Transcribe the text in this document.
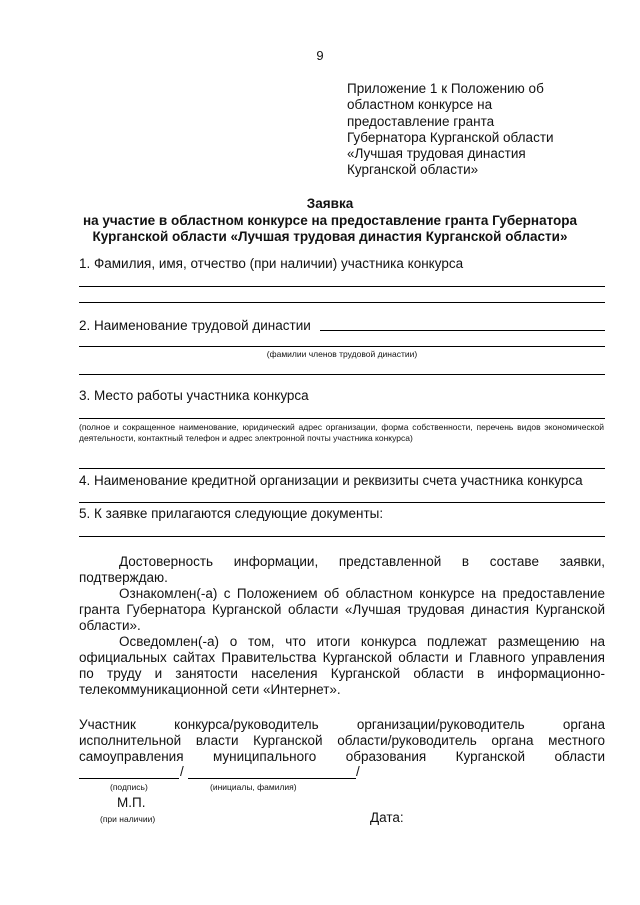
9
Приложение 1 к Положению об
областном конкурсе на
предоставление гранта
Губернатора Курганской области
«Лучшая трудовая династия
Курганской области»
Заявка
на участие в областном конкурсе на предоставление гранта Губернатора
Курганской области «Лучшая трудовая династия Курганской области»
1. Фамилия, имя, отчество (при наличии) участника конкурса
2. Наименование трудовой династии
(фамилии членов трудовой династии)
3. Место работы участника конкурса
(полное и сокращенное наименование, юридический адрес организации, форма собственности, перечень видов экономической деятельности, контактный телефон и адрес электронной почты участника конкурса)
4. Наименование кредитной организации и реквизиты счета участника конкурса
5. К заявке прилагаются следующие документы:
Достоверность информации, представленной в составе заявки,
подтверждаю.
Ознакомлен(-а) с Положением об областном конкурсе на предоставление гранта Губернатора Курганской области «Лучшая трудовая династия Курганской области».
Осведомлен(-а) о том, что итоги конкурса подлежат размещению на официальных сайтах Правительства Курганской области и Главного управления по труду и занятости населения Курганской области в информационно-телекоммуникационной сети «Интернет».
Участник конкурса/руководитель организации/руководитель органа
исполнительной власти Курганской области/руководитель органа местного
самоуправления муниципального образования Курганской области
/	/
(подпись)	(инициалы, фамилия)
М.П.
(при наличии)	Дата:
